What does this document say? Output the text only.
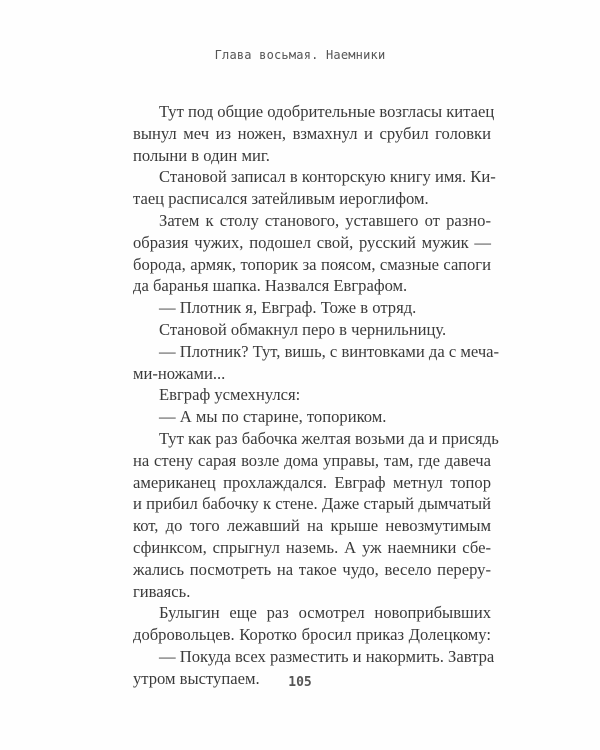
Глава восьмая. Наемники
Тут под общие одобрительные возгласы китаец
вынул меч из ножен, взмахнул и срубил головки
полыни в один миг.
Становой записал в конторскую книгу имя. Ки-
таец расписался затейливым иероглифом.
Затем к столу станового, уставшего от разно-
образия чужих, подошел свой, русский мужик —
борода, армяк, топорик за поясом, смазные сапоги
да баранья шапка. Назвался Евграфом.
— Плотник я, Евграф. Тоже в отряд.
Становой обмакнул перо в чернильницу.
— Плотник? Тут, вишь, с винтовками да с меча-
ми-ножами...
Евграф усмехнулся:
— А мы по старине, топориком.
Тут как раз бабочка желтая возьми да и присядь
на стену сарая возле дома управы, там, где давеча
американец прохлаждался. Евграф метнул топор
и прибил бабочку к стене. Даже старый дымчатый
кот, до того лежавший на крыше невозмутимым
сфинксом, спрыгнул наземь. А уж наемники сбе-
жались посмотреть на такое чудо, весело переру-
гиваясь.
Булыгин еще раз осмотрел новоприбывших
добровольцев. Коротко бросил приказ Долецкому:
— Покуда всех разместить и накормить. Завтра
утром выступаем.	105
